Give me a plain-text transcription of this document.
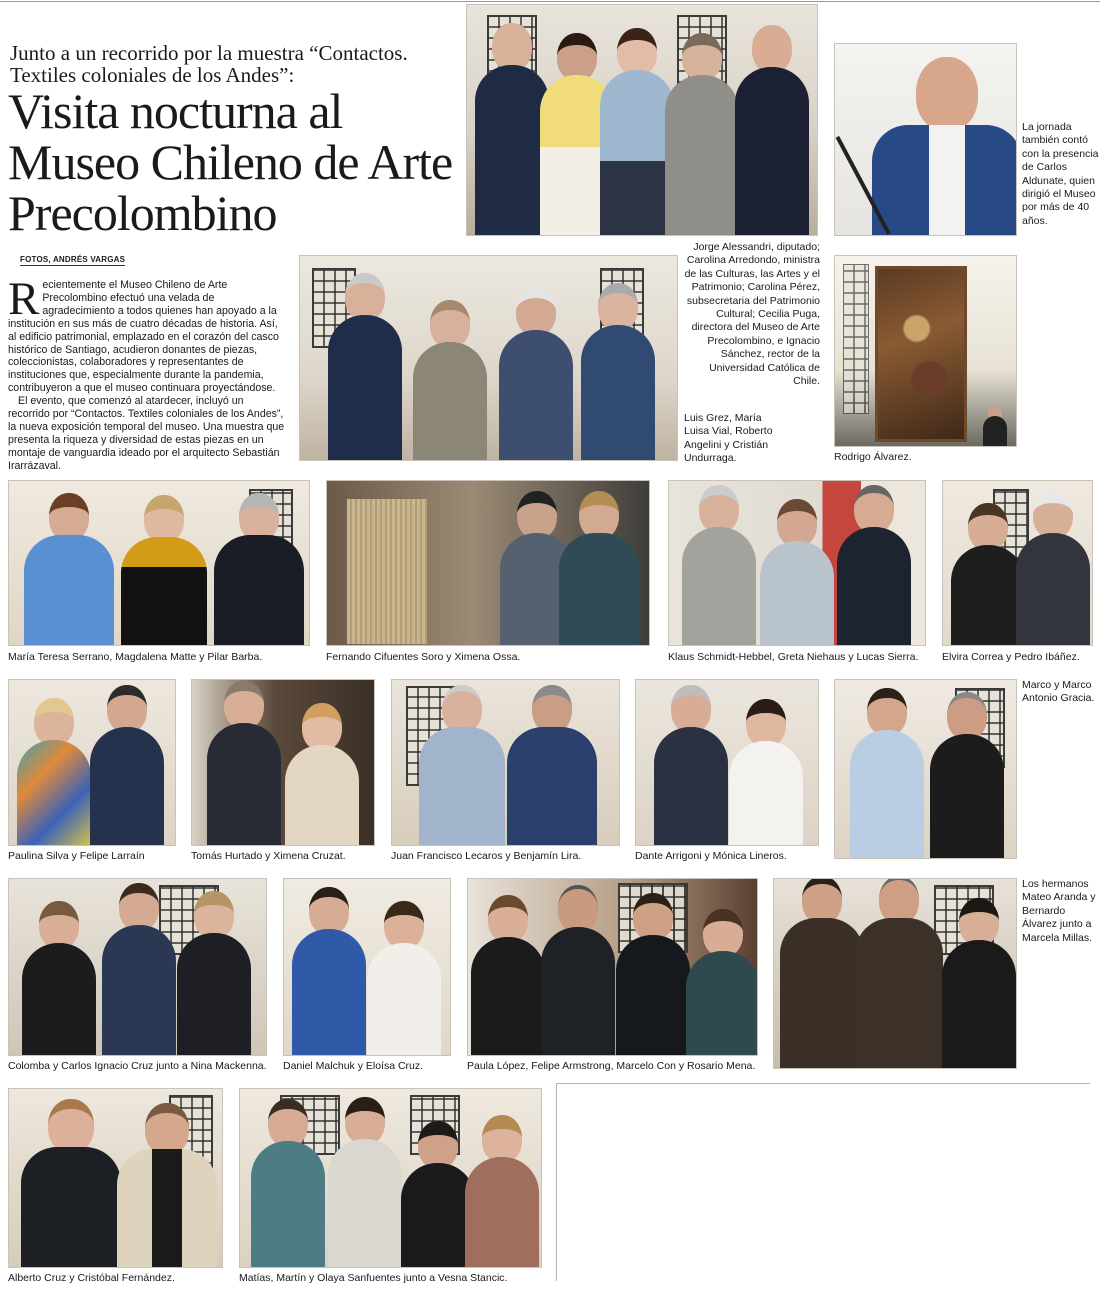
Junto a un recorrido por la muestra “Contactos. Textiles coloniales de los Andes”:
Visita nocturna al Museo Chileno de Arte Precolombino
FOTOS, ANDRÉS VARGAS

Recientemente el Museo Chileno de Arte Precolombino efectuó una velada de agradecimiento a todos quienes han apoyado a la institución en sus más de cuatro décadas de historia. Así, al edificio patrimonial, emplazado en el corazón del casco histórico de Santiago, acudieron donantes de piezas, coleccionistas, colaboradores y representantes de instituciones que, especialmente durante la pandemia, contribuyeron a que el museo continuara proyectándose.

El evento, que comenzó al atardecer, incluyó un recorrido por “Contactos. Textiles coloniales de los Andes”, la nueva exposición temporal del museo. Una muestra que presenta la riqueza y diversidad de estas piezas en un montaje de vanguardia ideado por el arquitecto Sebastián Irarrázaval.

Jorge Alessandri, diputado; Carolina Arredondo, ministra de las Culturas, las Artes y el Patrimonio; Carolina Pérez, subsecretaria del Patrimonio Cultural; Cecilia Puga, directora del Museo de Arte Precolombino, e Ignacio Sánchez, rector de la Universidad Católica de Chile.
La jornada también contó con la presencia de Carlos Aldunate, quien dirigió el Museo por más de 40 años.
Luis Grez, María Luisa Vial, Roberto Angelini y Cristián Undurraga.	Rodrigo Álvarez.
María Teresa Serrano, Magdalena Matte y Pilar Barba.	Fernando Cifuentes Soro y Ximena Ossa.	Klaus Schmidt-Hebbel, Greta Niehaus y Lucas Sierra. Elvira Correa y Pedro Ibáñez.
Paulina Silva y Felipe Larraín	Tomás Hurtado y Ximena Cruzat.	Juan Francisco Lecaros y Benjamín Lira.	Dante Arrigoni y Mónica Lineros.
Marco y Marco Antonio Gracia.
Colomba y Carlos Ignacio Cruz junto a Nina Mackenna. Daniel Malchuk y Eloísa Cruz.	Paula López, Felipe Armstrong, Marcelo Con y Rosario Mena.
Los hermanos Mateo Aranda y Bernardo Álvarez junto a Marcela Millas.
Alberto Cruz y Cristóbal Fernández.	Matías, Martín y Olaya Sanfuentes junto a Vesna Stancic.
